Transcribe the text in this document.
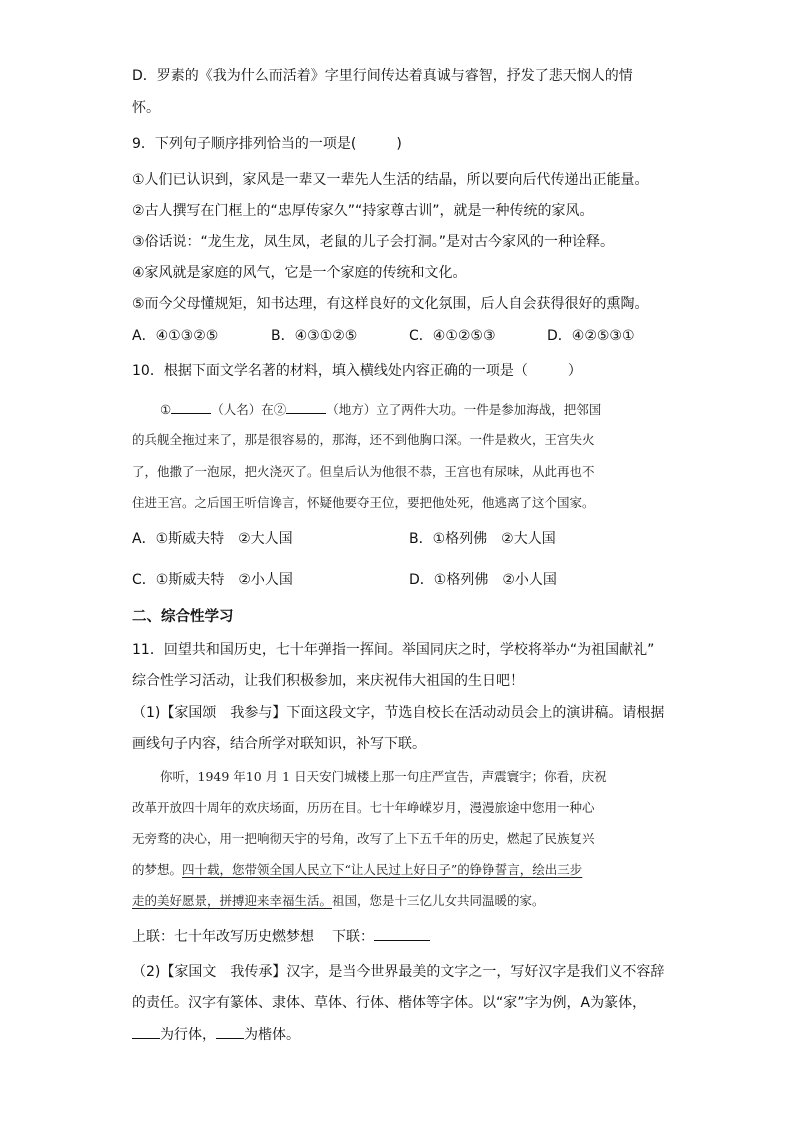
D．罗素的《我为什么而活着》字里行间传达着真诚与睿智，抒发了悲天悯人的情
怀。
9．下列句子顺序排列恰当的一项是(	)
①人们已认识到，家风是一辈又一辈先人生活的结晶，所以要向后代传递出正能量。
②古人撰写在门框上的“忠厚传家久”“持家尊古训”，就是一种传统的家风。
③俗话说：“龙生龙，凤生凤，老鼠的儿子会打洞。”是对古今家风的一种诠释。
④家风就是家庭的风气，它是一个家庭的传统和文化。
⑤而今父母懂规矩，知书达理，有这样良好的文化氛围，后人自会获得很好的熏陶。
A．④①③②⑤	B．④③①②⑤	C．④①②⑤③	D．④②⑤③①
10．根据下面文学名著的材料，填入横线处内容正确的一项是（	）
①	（人名）在②	（地方）立了两件大功。一件是参加海战，把邻国
的兵舰全拖过来了，那是很容易的，那海，还不到他胸口深。一件是救火，王宫失火
了，他撒了一泡尿，把火浇灭了。但皇后认为他很不恭，王宫也有尿味，从此再也不
住进王宫。之后国王听信谗言，怀疑他要夺王位，要把他处死，他逃离了这个国家。
A．①斯威夫特　②大人国	B．①格列佛　②大人国
C．①斯威夫特　②小人国	D．①格列佛　②小人国
二、综合性学习
11．回望共和国历史，七十年弹指一挥间。举国同庆之时，学校将举办“为祖国献礼”
综合性学习活动，让我们积极参加，来庆祝伟大祖国的生日吧！
（1)【家国颂　我参与】下面这段文字，节选自校长在活动动员会上的演讲稿。请根据
画线句子内容，结合所学对联知识，补写下联。
你听，1949 年10 月 1 日天安门城楼上那一句庄严宣告，声震寰宇；你看，庆祝
改革开放四十周年的欢庆场面，历历在目。七十年峥嵘岁月，漫漫旅途中您用一种心
无旁骛的决心，用一把响彻天宇的号角，改写了上下五千年的历史，燃起了民族复兴
的梦想。四十载，您带领全国人民立下“让人民过上好日子”的铮铮誓言，绘出三步
走的美好愿景，拼搏迎来幸福生活。祖国，您是十三亿儿女共同温暖的家。
上联：七十年改写历史燃梦想 下联：
（2)【家国文　我传承】汉字，是当今世界最美的文字之一，写好汉字是我们义不容辞
的责任。汉字有篆体、隶体、草体、行体、楷体等字体。以“家”字为例，A为篆体，
为行体， 为楷体。
